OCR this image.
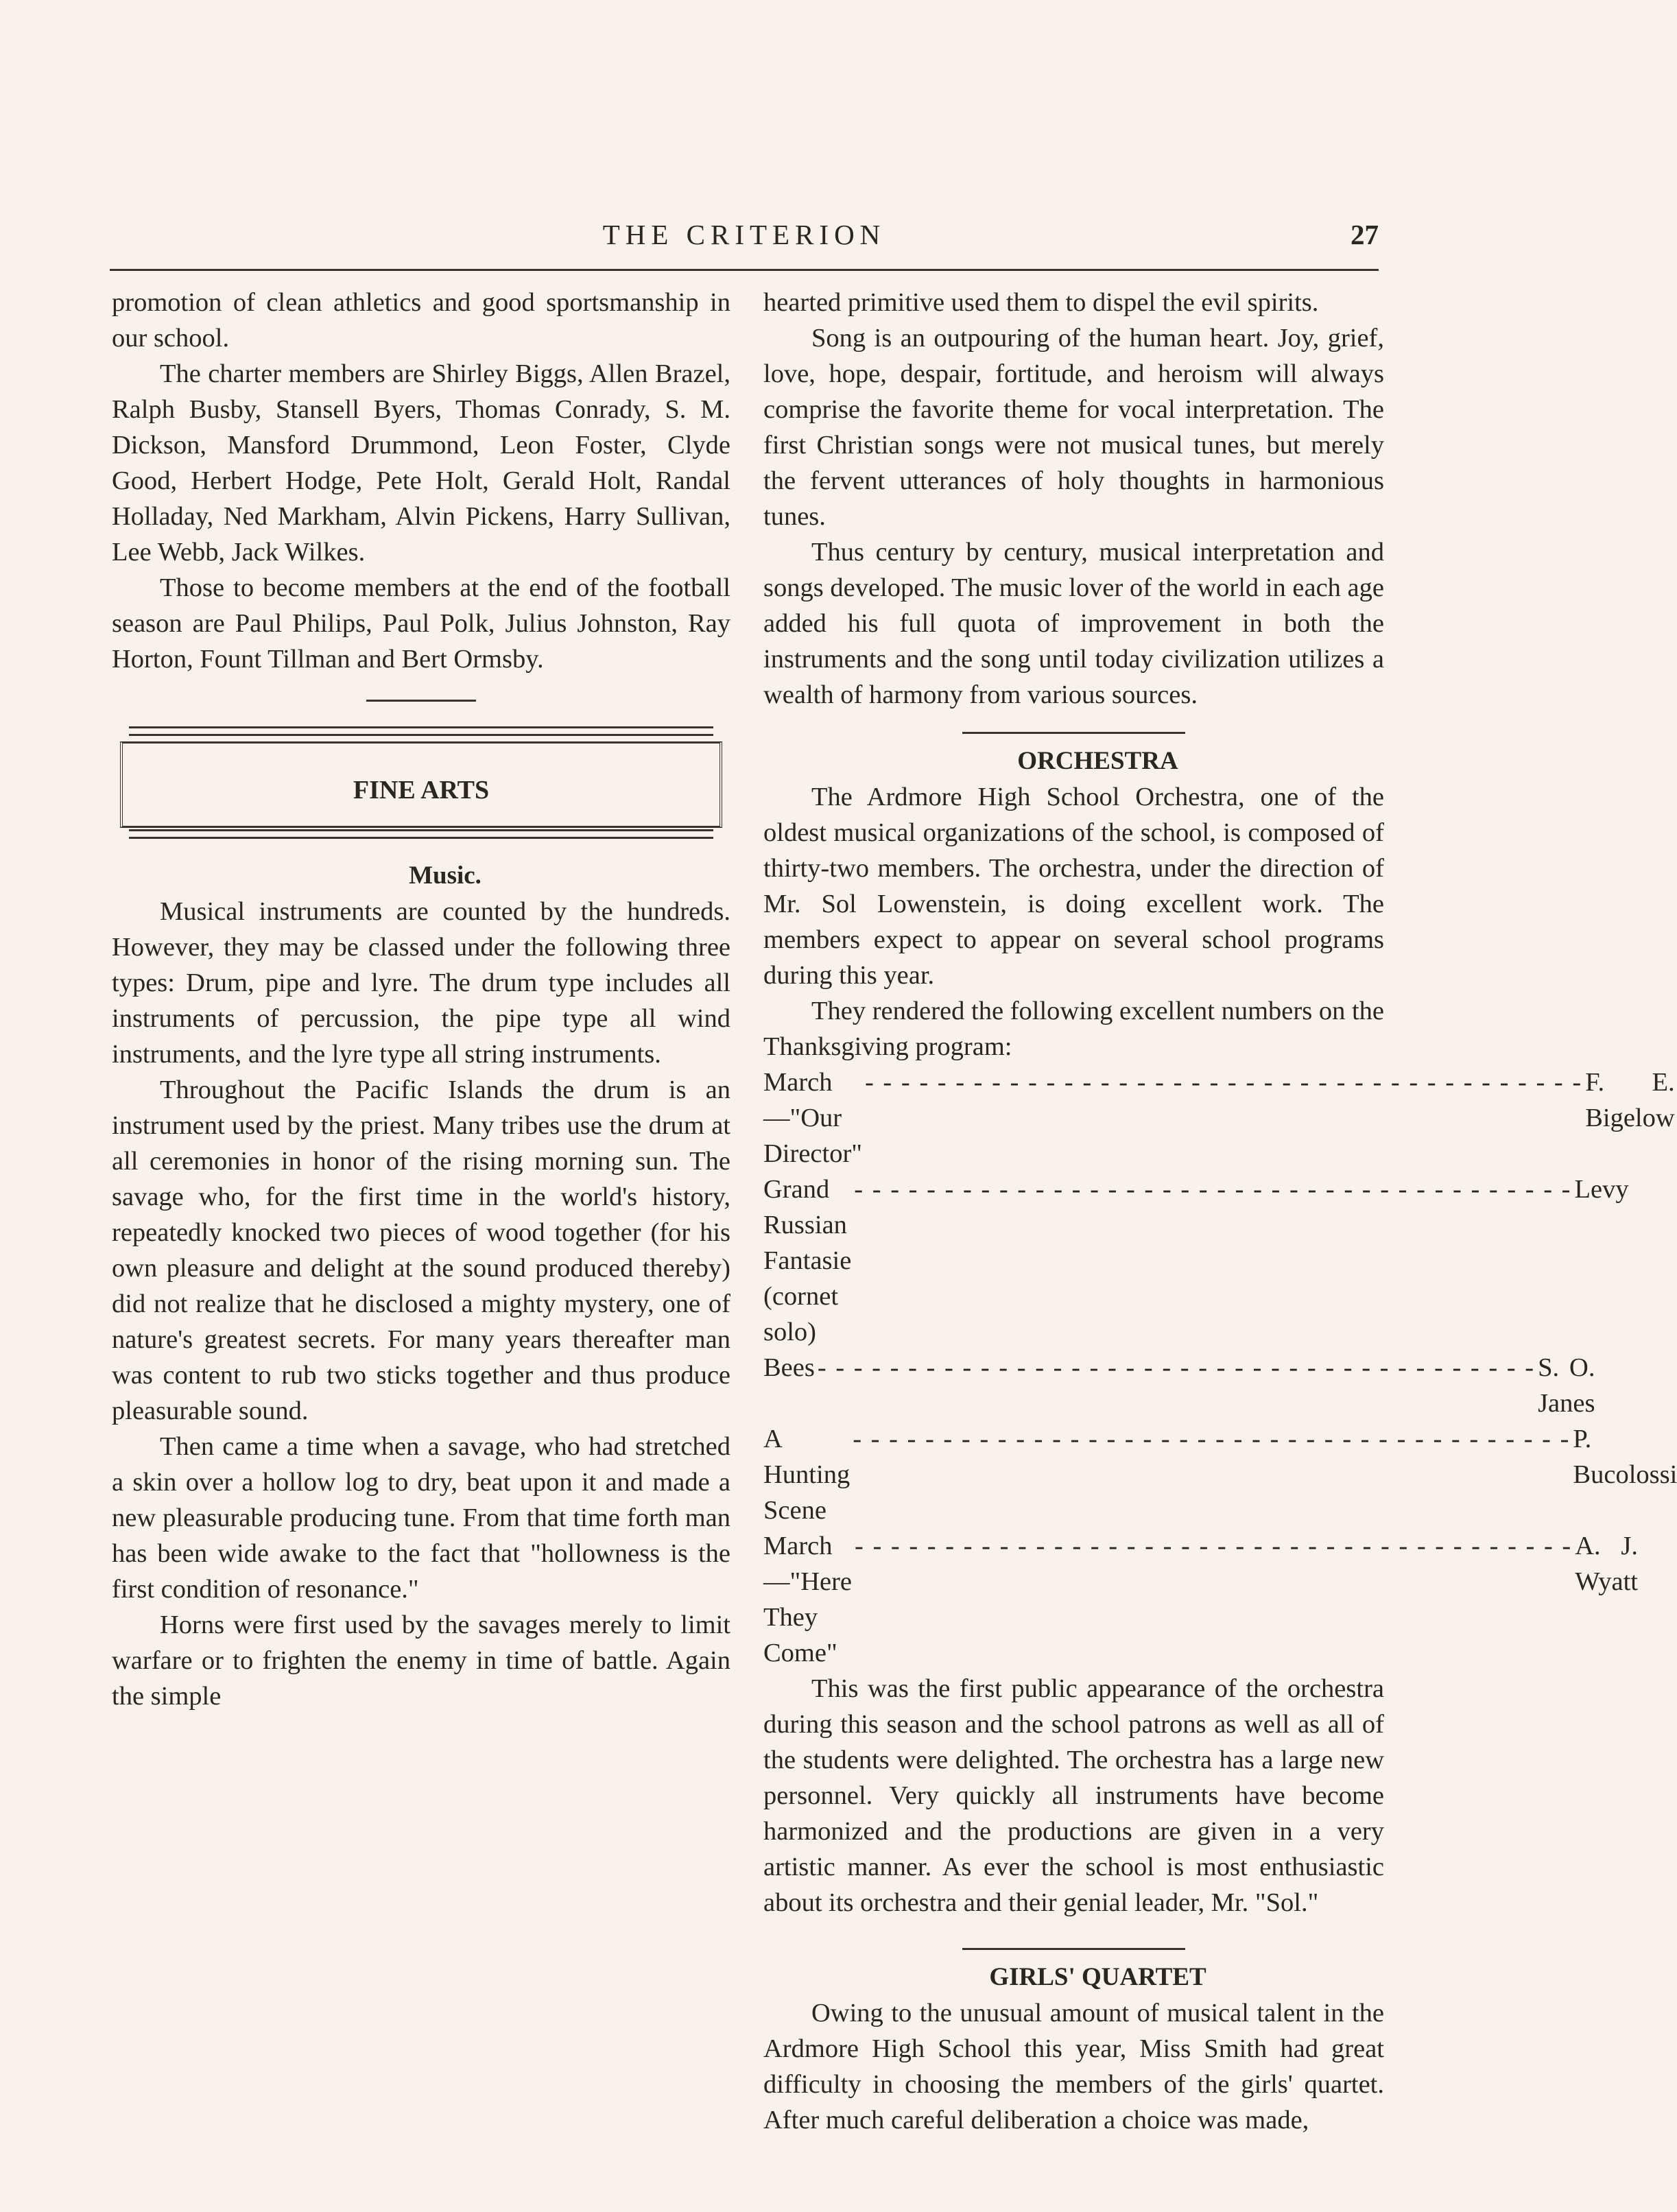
THE CRITERION	27

promotion of clean athletics and good sportsmanship in our school.

The charter members are Shirley Biggs, Allen Brazel, Ralph Busby, Stansell Byers, Thomas Conrady, S. M. Dickson, Mansford Drummond, Leon Foster, Clyde Good, Herbert Hodge, Pete Holt, Gerald Holt, Randal Holladay, Ned Markham, Alvin Pickens, Harry Sullivan, Lee Webb, Jack Wilkes.

Those to become members at the end of the football season are Paul Philips, Paul Polk, Julius Johnston, Ray Horton, Fount Tillman and Bert Ormsby.

FINE ARTS

Music.

Musical instruments are counted by the hundreds. However, they may be classed under the following three types: Drum, pipe and lyre. The drum type includes all instruments of percussion, the pipe type all wind instruments, and the lyre type all string instruments.

Throughout the Pacific Islands the drum is an instrument used by the priest. Many tribes use the drum at all ceremonies in honor of the rising morning sun. The savage who, for the first time in the world's history, repeatedly knocked two pieces of wood together (for his own pleasure and delight at the sound produced thereby) did not realize that he disclosed a mighty mystery, one of nature's greatest secrets. For many years thereafter man was content to rub two sticks together and thus produce pleasurable sound.

Then came a time when a savage, who had stretched a skin over a hollow log to dry, beat upon it and made a new pleasurable producing tune. From that time forth man has been wide awake to the fact that "hollowness is the first condition of resonance."

Horns were first used by the savages merely to limit warfare or to frighten the enemy in time of battle. Again the simple

hearted primitive used them to dispel the evil spirits.

Song is an outpouring of the human heart. Joy, grief, love, hope, despair, fortitude, and heroism will always comprise the favorite theme for vocal interpretation. The first Christian songs were not musical tunes, but merely the fervent utterances of holy thoughts in harmonious tunes.

Thus century by century, musical interpretation and songs developed. The music lover of the world in each age added his full quota of improvement in both the instruments and the song until today civilization utilizes a wealth of harmony from various sources.

ORCHESTRA

The Ardmore High School Orchestra, one of the oldest musical organizations of the school, is composed of thirty-two members. The orchestra, under the direction of Mr. Sol Lowenstein, is doing excellent work. The members expect to appear on several school programs during this year.

They rendered the following excellent numbers on the Thanksgiving program:

March—"Our Director"
- - - - - - - - - - - - - - - - - - - - - - - - - - - - - - - - - - - - - - - - F. E. Bigelow
Grand Russian Fantasie (cornet solo)
- - - - - - - - - - - - - - - - - - - - - - - - - - - - - - - - - - - - - - - - Levy
Bees - - - - - - - - - - - - - - - - - - - - - - - - - - - - - - - - - - - - - - - - S. O. Janes
A Hunting Scene
- - - - - - - - - - - - - - - - - - - - - - - - - - - - - - - - - - - - - - - - P. Bucolossi
March—"Here They Come"
- - - - - - - - - - - - - - - - - - - - - - - - - - - - - - - - - - - - - - - - A. J. Wyatt

This was the first public appearance of the orchestra during this season and the school patrons as well as all of the students were delighted. The orchestra has a large new personnel. Very quickly all instruments have become harmonized and the productions are given in a very artistic manner. As ever the school is most enthusiastic about its orchestra and their genial leader, Mr. "Sol."

GIRLS' QUARTET

Owing to the unusual amount of musical talent in the Ardmore High School this year, Miss Smith had great difficulty in choosing the members of the girls' quartet. After much careful deliberation a choice was made,
